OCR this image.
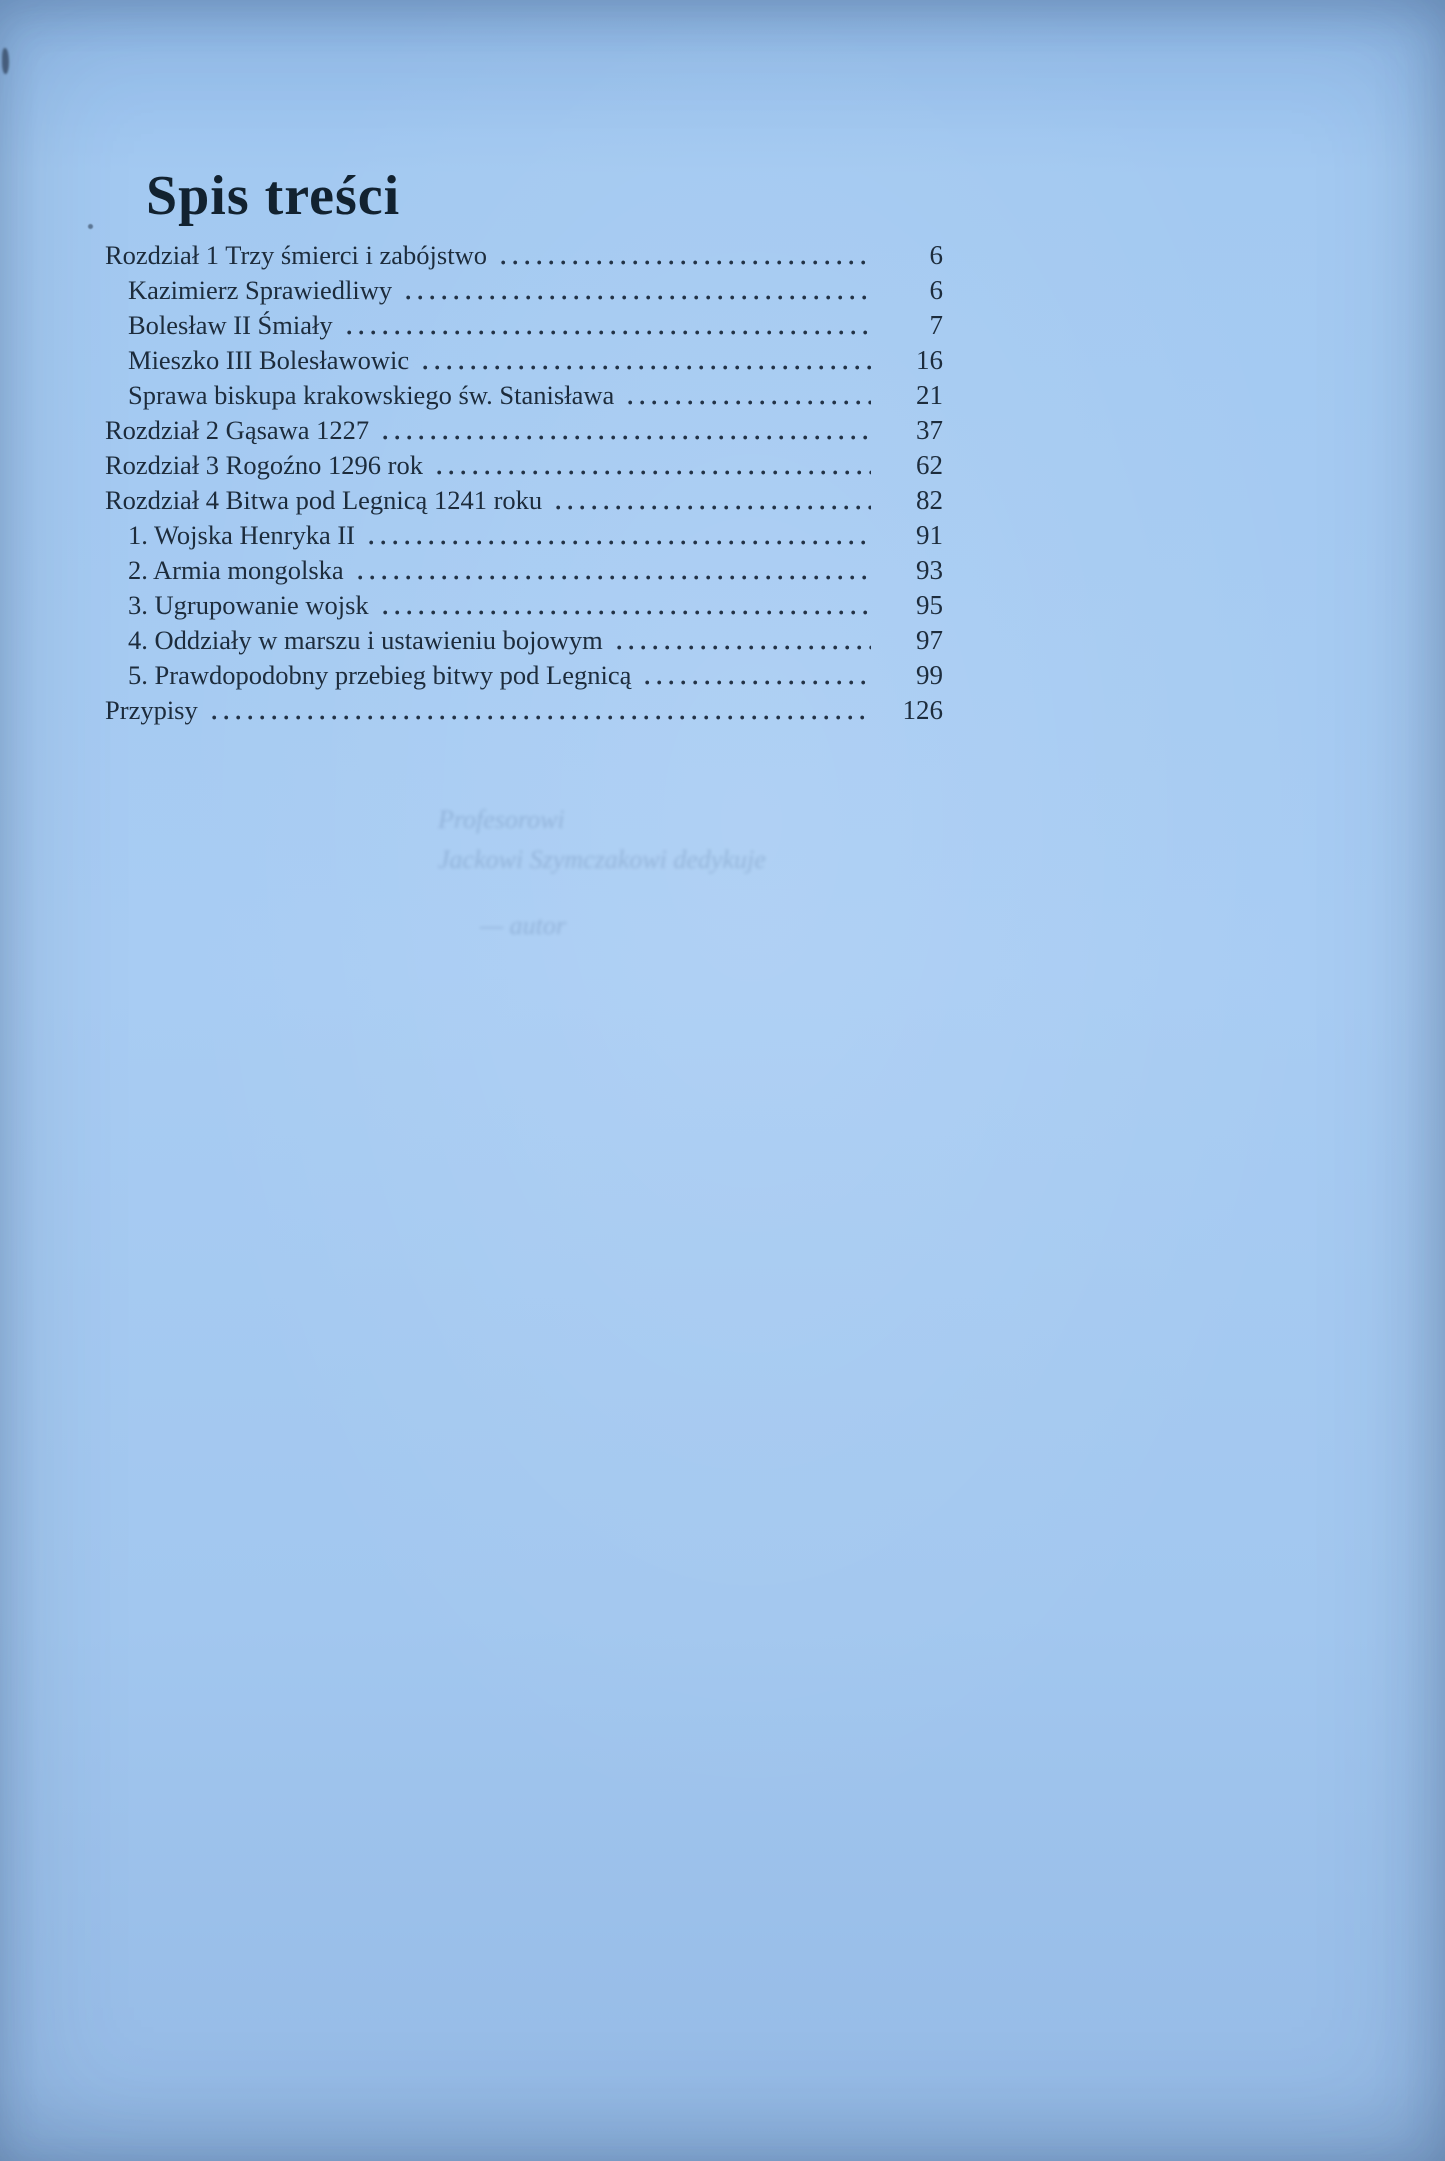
Spis treści
Rozdział 1 Trzy śmierci i zabójstwo	6
Kazimierz Sprawiedliwy	6
Bolesław II Śmiały	7
Mieszko III Bolesławowic	16
Sprawa biskupa krakowskiego św. Stanisława	21
Rozdział 2 Gąsawa 1227	37
Rozdział 3 Rogoźno 1296 rok	62
Rozdział 4 Bitwa pod Legnicą 1241 roku	82
1. Wojska Henryka II	91
2. Armia mongolska	93
3. Ugrupowanie wojsk	95
4. Oddziały w marszu i ustawieniu bojowym	97
5. Prawdopodobny przebieg bitwy pod Legnicą	99
Przypisy	126
Profesorowi
Jackowi Szymczakowi dedykuje
— autor
